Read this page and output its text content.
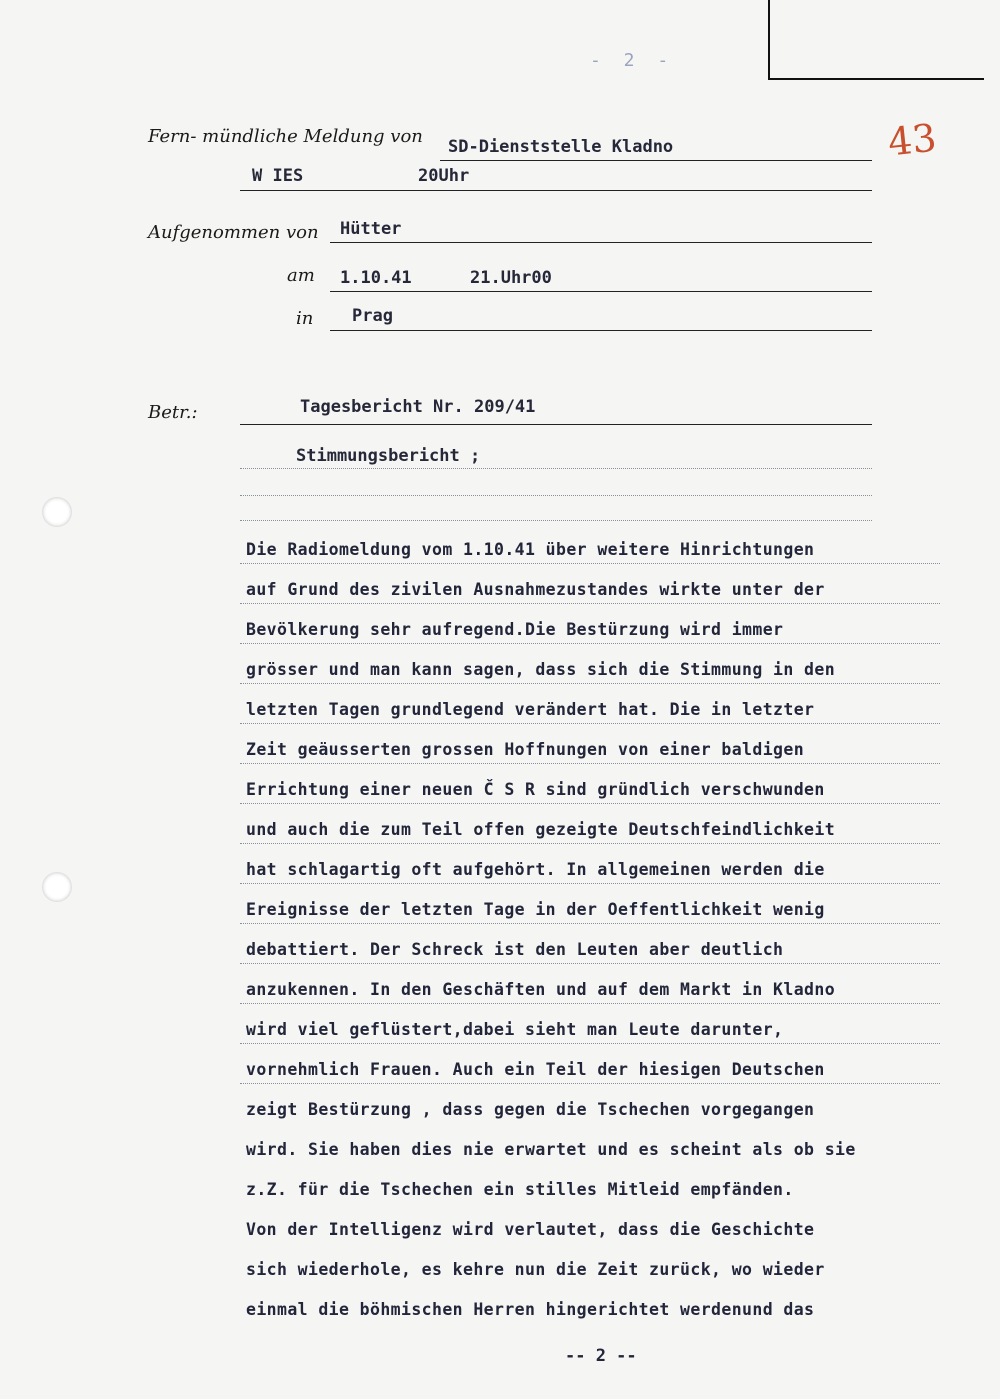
- 2 -
43
Fern- mündliche Meldung von SD-Dienststelle Kladno
W IES	20Uhr
Aufgenommen von Hütter
am 1.10.41	21.Uhr00
in Prag
Betr.:	Tagesbericht Nr. 209/41
Stimmungsbericht ;
Die Radiomeldung vom 1.10.41 über weitere Hinrichtungen
auf Grund des zivilen Ausnahmezustandes wirkte unter der
Bevölkerung sehr aufregend.Die Bestürzung wird immer
grösser und man kann sagen, dass sich die Stimmung in den
letzten Tagen grundlegend verändert hat. Die in letzter
Zeit geäusserten grossen Hoffnungen von einer baldigen
Errichtung einer neuen Č S R sind gründlich verschwunden
und auch die zum Teil offen gezeigte Deutschfeindlichkeit
hat schlagartig oft aufgehört. In allgemeinen werden die
Ereignisse der letzten Tage in der Oeffentlichkeit wenig
debattiert. Der Schreck ist den Leuten aber deutlich
anzukennen. In den Geschäften und auf dem Markt in Kladno
wird viel geflüstert,dabei sieht man Leute darunter,
vornehmlich Frauen. Auch ein Teil der hiesigen Deutschen
zeigt Bestürzung , dass gegen die Tschechen vorgegangen
wird. Sie haben dies nie erwartet und es scheint als ob sie
z.Z. für die Tschechen ein stilles Mitleid empfänden.
Von der Intelligenz wird verlautet, dass die Geschichte
sich wiederhole, es kehre nun die Zeit zurück, wo wieder
einmal die böhmischen Herren hingerichtet werdenund das
-- 2 --
